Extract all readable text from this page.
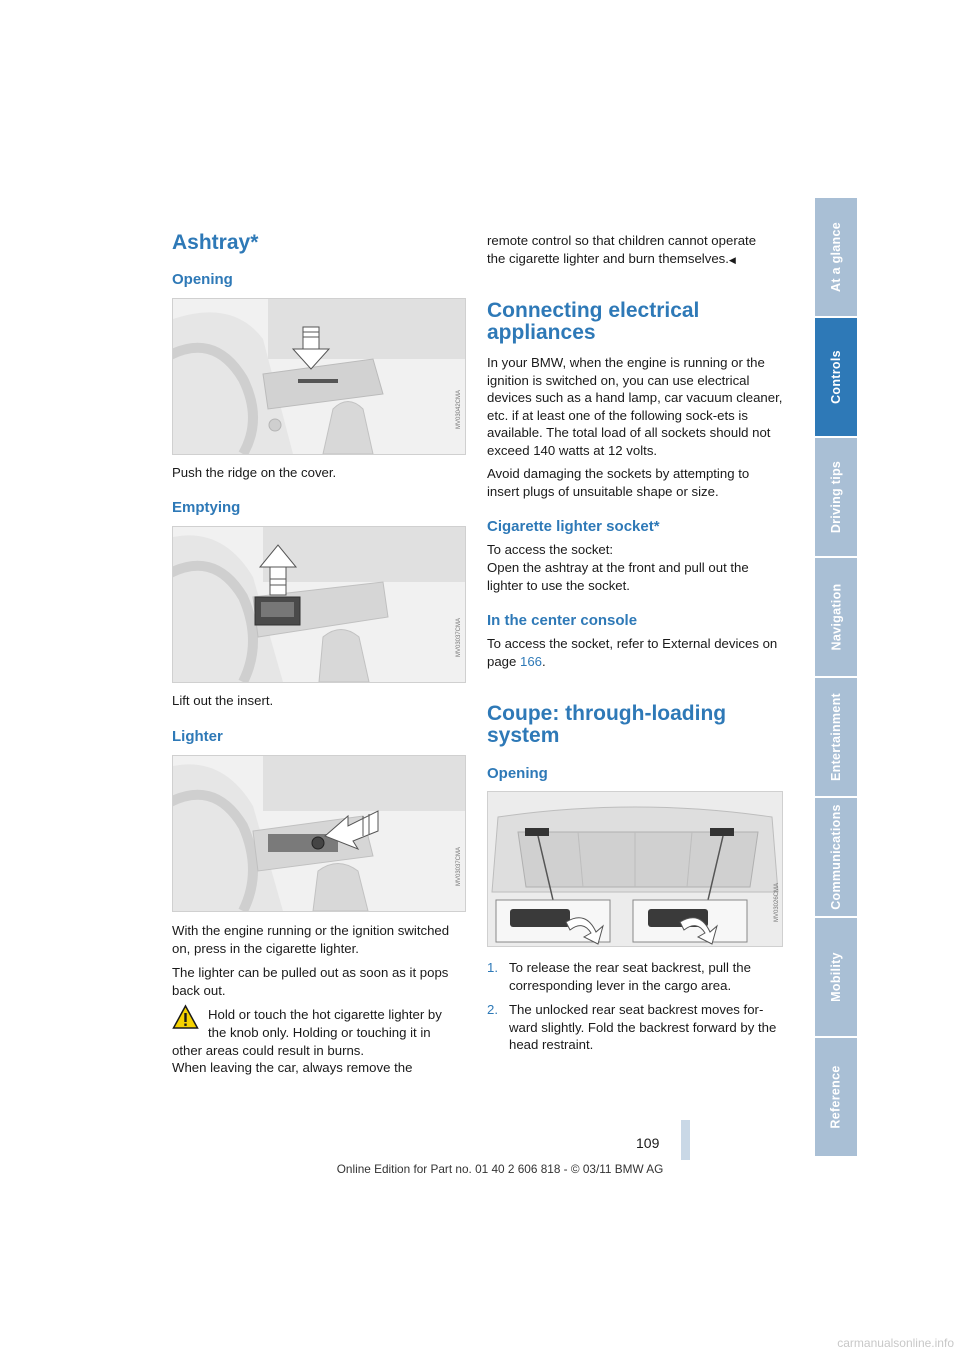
Ashtray*
Opening
MV03042CMA

Push the ridge on the cover.

Emptying
MV03037CMA

Lift out the insert.

Lighter
MV03037CMA

With the engine running or the ignition switched on, press in the cigarette lighter.

The lighter can be pulled out as soon as it pops back out.

Hold or touch the hot cigarette lighter by

the knob only. Holding or touching it in

other areas could result in burns.

When leaving the car, always remove the

remote control so that children cannot operate

the cigarette lighter and burn themselves.◀

Connecting electrical
appliances

In your BMW, when the engine is running or the ignition is switched on, you can use electrical devices such as a hand lamp, car vacuum cleaner, etc. if at least one of the following sock-ets is available. The total load of all sockets should not exceed 140 watts at 12 volts.

Avoid damaging the sockets by attempting to insert plugs of unsuitable shape or size.

Cigarette lighter socket*

To access the socket:

Open the ashtray at the front and pull out the lighter to use the socket.

In the center console

To access the socket, refer to External devices on page 166.

Coupe: through-loading
system
Opening
MV03026CMA

1. To release the rear seat backrest, pull the corresponding lever in the cargo area.

2. The unlocked rear seat backrest moves for-ward slightly. Fold the backrest forward by the head restraint.

At a glance
Controls
Driving tips
Navigation
Entertainment
Communications
Mobility
Reference
109
Online Edition for Part no. 01 40 2 606 818 - © 03/11 BMW AG
carmanualsonline.info
